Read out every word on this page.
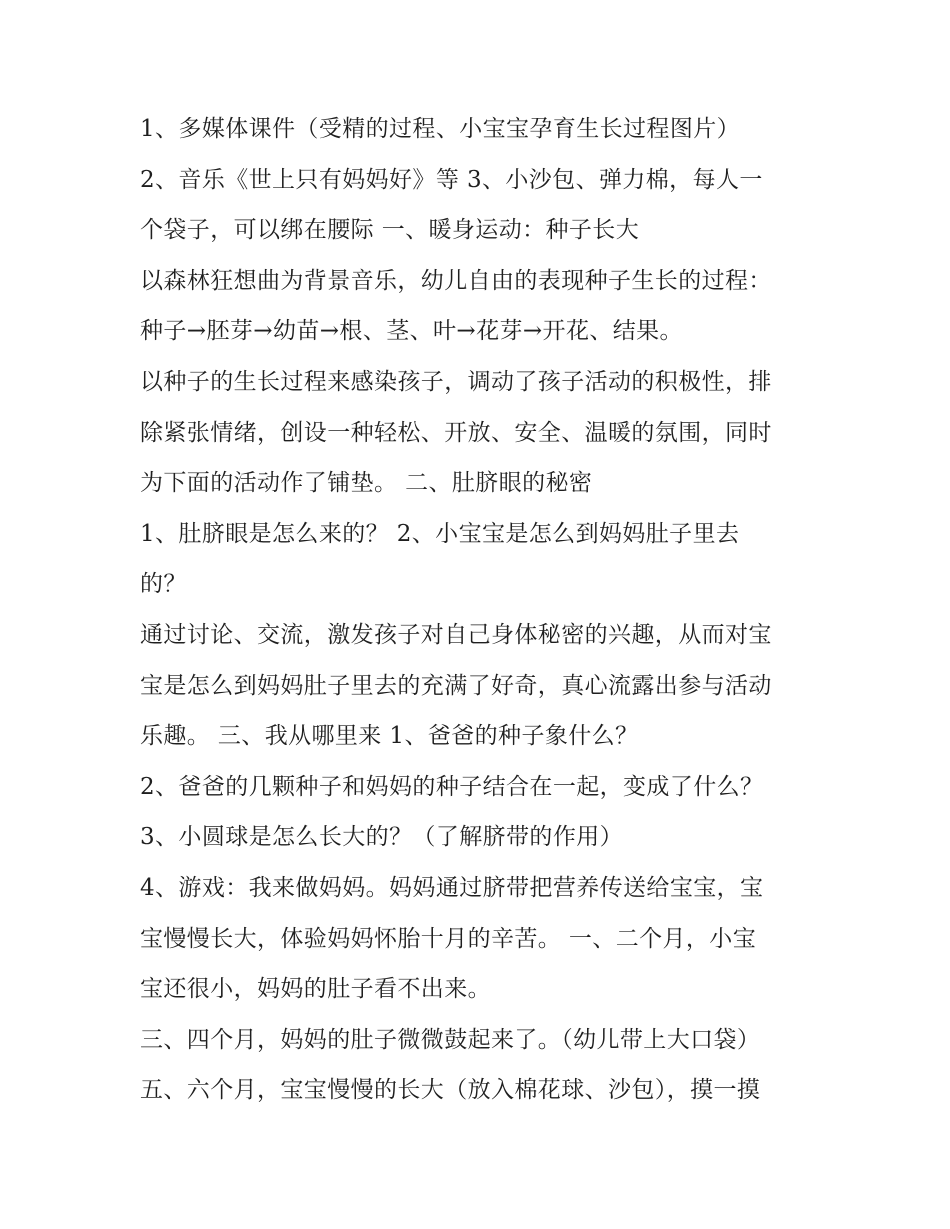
1、多媒体课件（受精的过程、小宝宝孕育生长过程图片）
2、音乐《世上只有妈妈好》等 3、小沙包、弹力棉，每人一
个袋子，可以绑在腰际 一、暖身运动：种子长大
以森林狂想曲为背景音乐，幼儿自由的表现种子生长的过程：
种子→胚芽→幼苗→根、茎、叶→花芽→开花、结果。
以种子的生长过程来感染孩子，调动了孩子活动的积极性，排
除紧张情绪，创设一种轻松、开放、安全、温暖的氛围，同时
为下面的活动作了铺垫。 二、肚脐眼的秘密
1、肚脐眼是怎么来的？ 2、小宝宝是怎么到妈妈肚子里去
的？
通过讨论、交流，激发孩子对自己身体秘密的兴趣，从而对宝
宝是怎么到妈妈肚子里去的充满了好奇，真心流露出参与活动
乐趣。 三、我从哪里来 1、爸爸的种子象什么？
2、爸爸的几颗种子和妈妈的种子结合在一起，变成了什么？
3、小圆球是怎么长大的？（了解脐带的作用）
4、游戏：我来做妈妈。妈妈通过脐带把营养传送给宝宝，宝
宝慢慢长大，体验妈妈怀胎十月的辛苦。 一、二个月，小宝
宝还很小，妈妈的肚子看不出来。
三、四个月，妈妈的肚子微微鼓起来了。（幼儿带上大口袋）
五、六个月，宝宝慢慢的长大（放入棉花球、沙包），摸一摸
